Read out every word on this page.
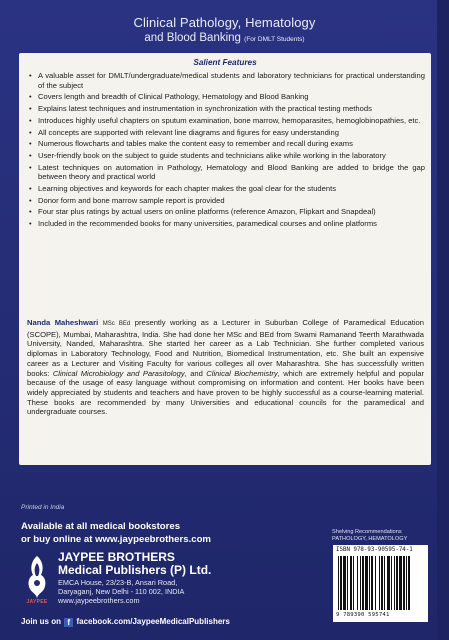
Clinical Pathology, Hematology
and Blood Banking (For DMLT Students)
Salient Features
• A valuable asset for DMLT/undergraduate/medical students and laboratory technicians for practical understanding of the subject
• Covers length and breadth of Clinical Pathology, Hematology and Blood Banking
• Explains latest techniques and instrumentation in synchronization with the practical testing methods
• Introduces highly useful chapters on sputum examination, bone marrow, hemoparasites, hemoglobinopathies, etc.
• All concepts are supported with relevant line diagrams and figures for easy understanding
• Numerous flowcharts and tables make the content easy to remember and recall during exams
• User-friendly book on the subject to guide students and technicians alike while working in the laboratory
• Latest techniques on automation in Pathology, Hematology and Blood Banking are added to bridge the gap between theory and practical world
• Learning objectives and keywords for each chapter makes the goal clear for the students
• Donor form and bone marrow sample report is provided
• Four star plus ratings by actual users on online platforms (reference Amazon, Flipkart and Snapdeal)
• Included in the recommended books for many universities, paramedical courses and online platforms

Nanda Maheshwari MSc BEd presently working as a Lecturer in Suburban College of Paramedical Education (SCOPE), Mumbai, Maharashtra, India. She had done her MSc and BEd from Swami Ramanand Teerth Marathwada University, Nanded, Maharashtra. She started her career as a Lab Technician. She further completed various diplomas in Laboratory Technology, Food and Nutrition, Biomedical Instrumentation, etc. She built an expensive career as a Lecturer and Visiting Faculty for various colleges all over Maharashtra. She has successfully written books: Clinical Microbiology and Parasitology, and Clinical Biochemistry, which are extremely helpful and popular because of the usage of easy language without compromising on information and content. Her books have been widely appreciated by students and teachers and have proven to be highly successful as a course-learning material. These books are recommended by many Universities and educational councils for the paramedical and undergraduate courses.

Printed in India
Available at all medical bookstores
or buy online at www.jaypeebrothers.com
JAYPEE
JAYPEE BROTHERS
Medical Publishers (P) Ltd.
EMCA House, 23/23-B, Ansari Road,
Daryaganj, New Delhi - 110 002, INDIA
www.jaypeebrothers.com
Join us on f facebook.com/JaypeeMedicalPublishers
Shelving Recommendations
PATHOLOGY, HEMATOLOGY
ISBN 978-93-90595-74-1
9 789390 595741
